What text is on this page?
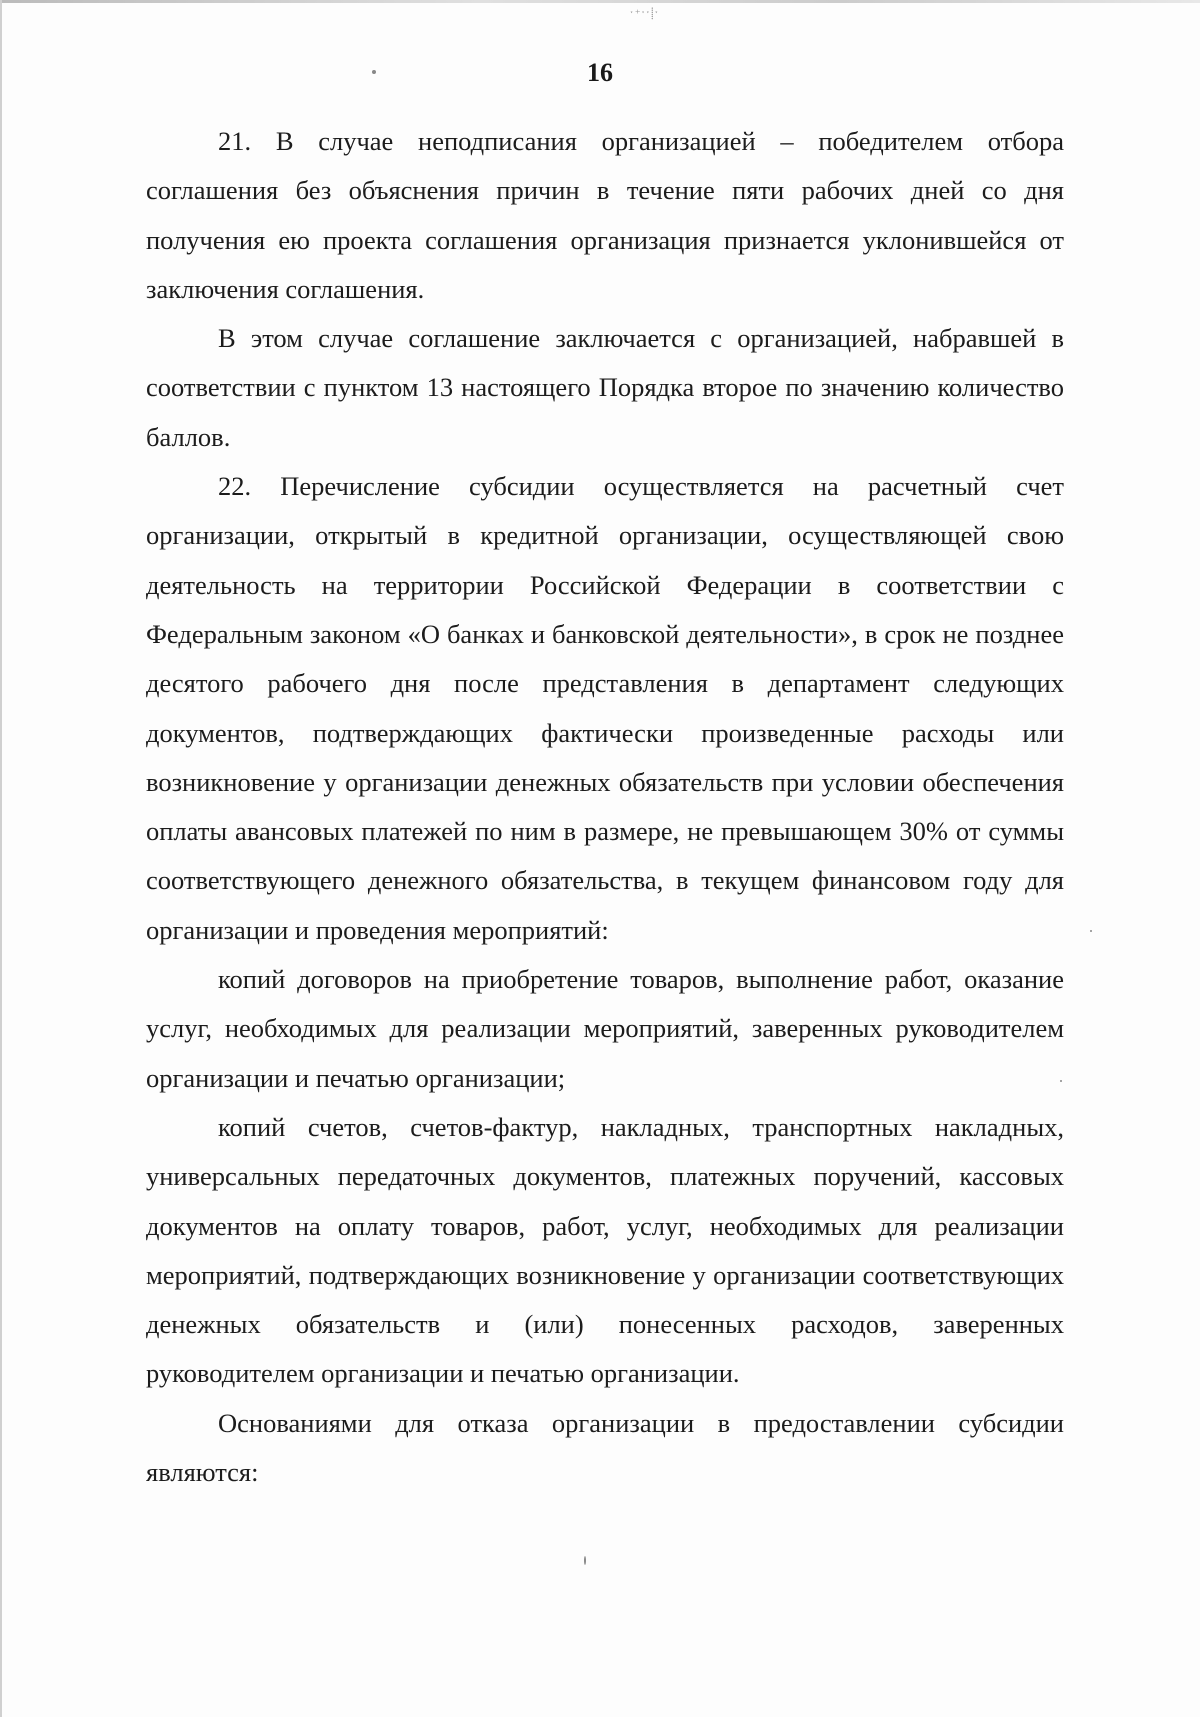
ˑ⁺ˑˑ⸽ˑ
16

21. В случае неподписания организацией – победителем отбора соглашения без объяснения причин в течение пяти рабочих дней со дня получения ею проекта соглашения организация признается уклонившейся от заключения соглашения.

В этом случае соглашение заключается с организацией, набравшей в соответствии с пунктом 13 настоящего Порядка второе по значению количество баллов.

22. Перечисление субсидии осуществляется на расчетный счет организации, открытый в кредитной организации, осуществляющей свою деятельность на территории Российской Федерации в соответствии с Федеральным законом «О банках и банковской деятельности», в срок не позднее десятого рабочего дня после представления в департамент следующих документов, подтверждающих фактически произведенные расходы или возникновение у организации денежных обязательств при условии обеспечения оплаты авансовых платежей по ним в размере, не превышающем 30% от суммы соответствующего денежного обязательства, в текущем финансовом году для организации и проведения мероприятий:

копий договоров на приобретение товаров, выполнение работ, оказание услуг, необходимых для реализации мероприятий, заверенных руководителем организации и печатью организации;

копий счетов, счетов-фактур, накладных, транспортных накладных, универсальных передаточных документов, платежных поручений, кассовых документов на оплату товаров, работ, услуг, необходимых для реализации мероприятий, подтверждающих возникновение у организации соответствующих денежных обязательств и (или) понесенных расходов, заверенных руководителем организации и печатью организации.

Основаниями для отказа организации в предоставлении субсидии являются:
